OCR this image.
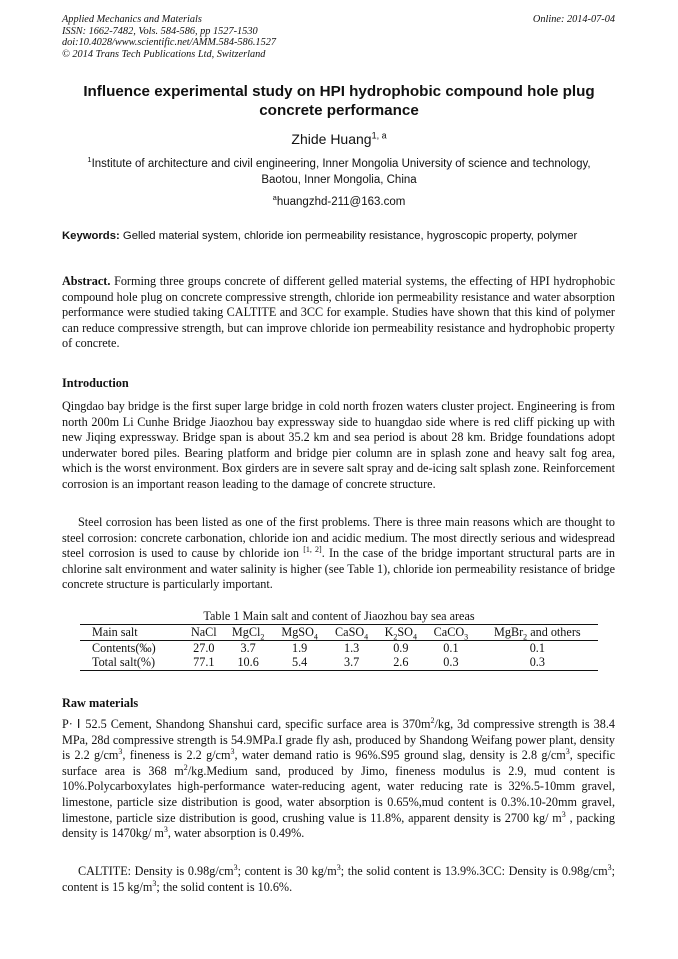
Applied Mechanics and Materials
ISSN: 1662-7482, Vols. 584-586, pp 1527-1530
doi:10.4028/www.scientific.net/AMM.584-586.1527
© 2014 Trans Tech Publications Ltd, Switzerland
Online: 2014-07-04
Influence experimental study on HPI hydrophobic compound hole plug
concrete performance
Zhide Huang$^{1, a}$
$^1$Institute of architecture and civil engineering, Inner Mongolia University of science and technology,
Baotou, Inner Mongolia, China
$^a$huangzhd-211@163.com
Keywords: Gelled material system, chloride ion permeability resistance, hygroscopic property, polymer
Abstract. Forming three groups concrete of different gelled material systems, the effecting of HPI hydrophobic compound hole plug on concrete compressive strength, chloride ion permeability resistance and water absorption performance were studied taking CALTITE and 3CC for example. Studies have shown that this kind of polymer can reduce compressive strength, but can improve chloride ion permeability resistance and hydrophobic property of concrete.
Introduction
Qingdao bay bridge is the first super large bridge in cold north frozen waters cluster project. Engineering is from north 200m Li Cunhe Bridge Jiaozhou bay expressway side to huangdao side where is red cliff picking up with new Jiqing expressway. Bridge span is about 35.2 km and sea period is about 28 km. Bridge foundations adopt underwater bored piles. Bearing platform and bridge pier column are in splash zone and heavy salt fog area, which is the worst environment. Box girders are in severe salt spray and de-icing salt splash zone. Reinforcement corrosion is an important reason leading to the damage of concrete structure.
Steel corrosion has been listed as one of the first problems. There is three main reasons which are thought to steel corrosion: concrete carbonation, chloride ion and acidic medium. The most directly serious and widespread steel corrosion is used to cause by chloride ion [1, 2]. In the case of the bridge important structural parts are in chlorine salt environment and water salinity is higher (see Table 1), chloride ion permeability resistance of bridge concrete structure is particularly important.
Table 1 Main salt and content of Jiaozhou bay sea areas
Main salt	NaCl	MgCl$_2$	MgSO$_4$	CaSO$_4$	$K_2SO_4$	CaCO$_3$	MgBr$_2$ and others
Contents(‰)	27.0	3.7	1.9	1.3	0.9	0.1	0.1
Total salt(%)	77.1	10.6	5.4	3.7	2.6	0.3	0.3
Raw materials
P· Ⅰ 52.5 Cement, Shandong Shanshui card, specific surface area is $370m^2/kg$, 3d compressive strength is 38.4 MPa, 28d compressive strength is 54.9MPa.I grade fly ash, produced by Shandong Weifang power plant, density is 2.2 $g/cm^3$, fineness is 2.2 $g/cm^3$, water demand ratio is 96%.S95 ground slag, density is 2.8 $g/cm^3$, specific surface area is 368 $m^2/kg.Medium$ sand, produced by Jimo, fineness modulus is 2.9, mud content is 10%.Polycarboxylates high-performance water-reducing agent, water reducing rate is 32%.5-10mm gravel, limestone, particle size distribution is good, water absorption is 0.65%,mud content is 0.3%.10-20mm gravel, limestone, particle size distribution is good, crushing value is 11.8%, apparent density is 2700 kg/ $m^3$ , packing density is 1470kg/ $m^3$, water absorption is 0.49%.
CALTITE: Density is $0.98g/cm^3$; content is 30 $kg/m^3$; the solid content is 13.9%.3CC: Density is $0.98g/cm^3$; content is 15 $kg/m^3$; the solid content is 10.6%.
